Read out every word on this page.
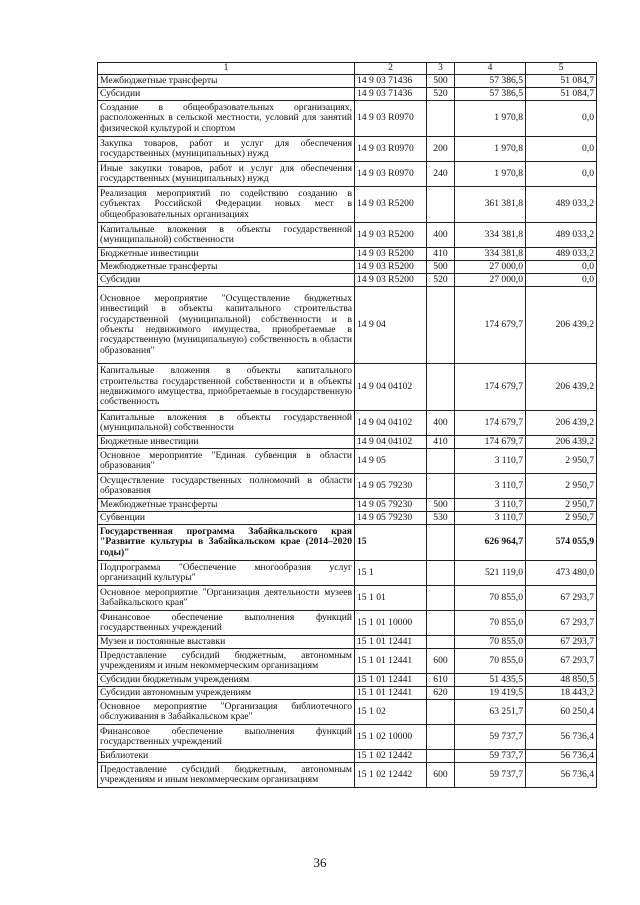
1	2	3	4	5
Межбюджетные трансферты	14 9 03 71436	500	57 386,5	51 084,7
Субсидии	14 9 03 71436	520	57 386,5	51 084,7
Создание в общеобразовательных организациях, расположенных в сельской местности, условий для занятий физической культурой и спортом	14 9 03 R0970		1 970,8	0,0
Закупка товаров, работ и услуг для обеспечения государственных (муниципальных) нужд	14 9 03 R0970	200	1 970,8	0,0
Иные закупки товаров, работ и услуг для обеспечения государственных (муниципальных) нужд	14 9 03 R0970	240	1 970,8	0,0
Реализация мероприятий по содействию созданию в субъектах Российской Федерации новых мест в общеобразовательных организациях	14 9 03 R5200		361 381,8	489 033,2
Капитальные вложения в объекты государственной (муниципальной) собственности	14 9 03 R5200	400	334 381,8	489 033,2
Бюджетные инвестиции	14 9 03 R5200	410	334 381,8	489 033,2
Межбюджетные трансферты	14 9 03 R5200	500	27 000,0	0,0
Субсидии	14 9 03 R5200	520	27 000,0	0,0
Основное мероприятие "Осуществление бюджетных инвестиций в объекты капитального строительства государственной (муниципальной) собственности и в объекты недвижимого имущества, приобретаемые в государственную (муниципальную) собственность в области образования"	14 9 04		174 679,7	206 439,2
Капитальные вложения в объекты капитального строительства государственной собственности и в объекты недвижимого имущества, приобретаемые в государственную собственность	14 9 04 04102		174 679,7	206 439,2
Капитальные вложения в объекты государственной (муниципальной) собственности	14 9 04 04102	400	174 679,7	206 439,2
Бюджетные инвестиции	14 9 04 04102	410	174 679,7	206 439,2
Основное мероприятие "Единая субвенция в области образования"	14 9 05		3 110,7	2 950,7
Осуществление государственных полномочий в области образования	14 9 05 79230		3 110,7	2 950,7
Межбюджетные трансферты	14 9 05 79230	500	3 110,7	2 950,7
Субвенции	14 9 05 79230	530	3 110,7	2 950,7
Государственная программа Забайкальского края "Развитие культуры в Забайкальском крае (2014–2020 годы)"	15		626 964,7	574 055,9
Подпрограмма "Обеспечение многообразия услуг организаций культуры"	15 1		521 119,0	473 480,0
Основное мероприятие "Организация деятельности музеев Забайкальского края"	15 1 01		70 855,0	67 293,7
Финансовое обеспечение выполнения функций государственных учреждений	15 1 01 10000		70 855,0	67 293,7
Музеи и постоянные выставки	15 1 01 12441		70 855,0	67 293,7
Предоставление субсидий бюджетным, автономным учреждениям и иным некоммерческим организациям	15 1 01 12441	600	70 855,0	67 293,7
Субсидии бюджетным учреждениям	15 1 01 12441	610	51 435,5	48 850,5
Субсидии автономным учреждениям	15 1 01 12441	620	19 419,5	18 443,2
Основное мероприятие "Организация библиотечного обслуживания в Забайкальском крае"	15 1 02		63 251,7	60 250,4
Финансовое обеспечение выполнения функций государственных учреждений	15 1 02 10000		59 737,7	56 736,4
Библиотеки	15 1 02 12442		59 737,7	56 736,4
Предоставление субсидий бюджетным, автономным учреждениям и иным некоммерческим организациям	15 1 02 12442	600	59 737,7	56 736,4
36
